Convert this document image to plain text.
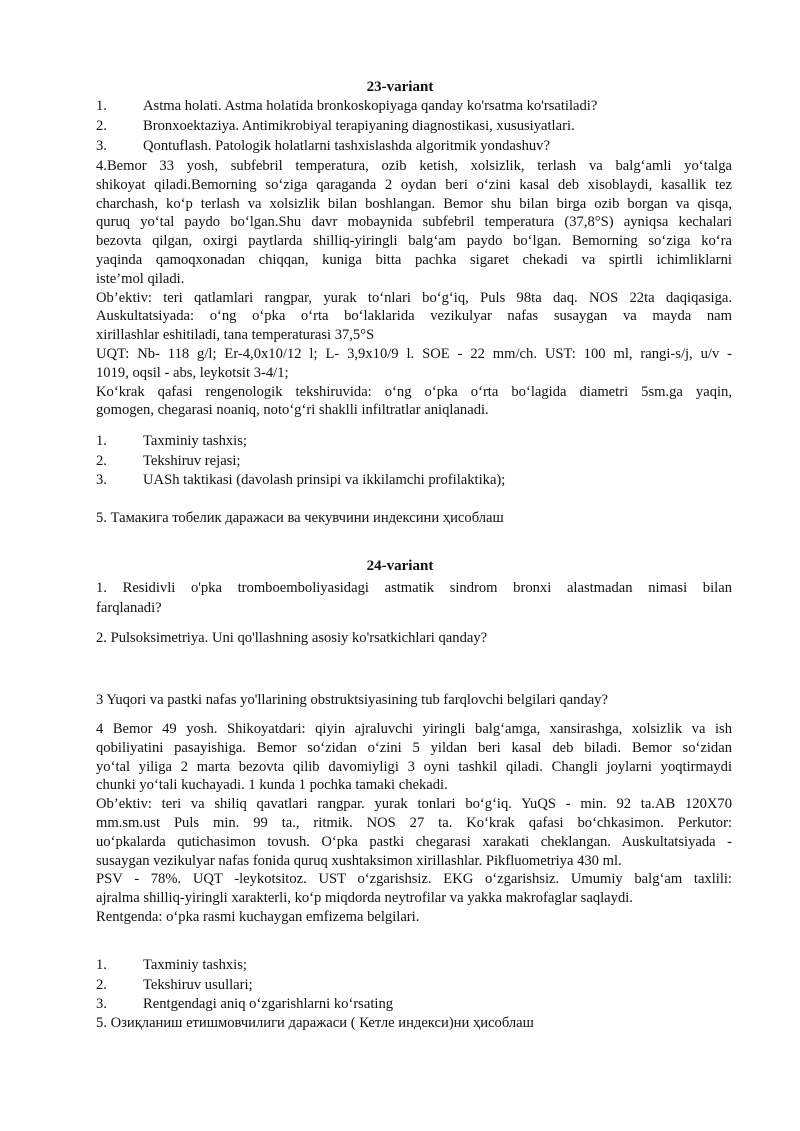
23-variant
1. Astma holati. Astma holatida bronkoskopiyaga qanday ko'rsatma ko'rsatiladi?
2. Bronxoektaziya. Antimikrobiyal terapiyaning diagnostikasi, xususiyatlari.
3. Qontuflash. Patologik holatlarni tashxislashda algoritmik yondashuv?
4.Bemor 33 yosh, subfebril temperatura, ozib ketish, xolsizlik, terlash va balg‘amli yo‘talga
shikoyat qiladi.Bemorning so‘ziga qaraganda 2 oydan beri o‘zini kasal deb xisoblaydi, kasallik tez
charchash, ko‘p terlash va xolsizlik bilan boshlangan. Bemor shu bilan birga ozib borgan va qisqa,
quruq yo‘tal paydo bo‘lgan.Shu davr mobaynida subfebril temperatura (37,8°S) ayniqsa kechalari
bezovta qilgan, oxirgi paytlarda shilliq-yiringli balg‘am paydo bo‘lgan. Bemorning so‘ziga ko‘ra
yaqinda qamoqxonadan chiqqan, kuniga bitta pachka sigaret chekadi va spirtli ichimliklarni
iste’mol qiladi.
Ob’ektiv: teri qatlamlari rangpar, yurak to‘nlari bo‘g‘iq, Puls 98ta daq. NOS 22ta daqiqasiga.
Auskultatsiyada: o‘ng o‘pka o‘rta bo‘laklarida vezikulyar nafas susaygan va mayda nam
xirillashlar eshitiladi, tana temperaturasi 37,5°S
UQT: Nb- 118 g/l; Er-4,0x10/12 l; L- 3,9x10/9 l. SOE - 22 mm/ch. UST: 100 ml, rangi-s/j, u/v -
1019, oqsil - abs, leykotsit 3-4/1;
Ko‘krak qafasi rengenologik tekshiruvida: o‘ng o‘pka o‘rta bo‘lagida diametri 5sm.ga yaqin,
gomogen, chegarasi noaniq, noto‘g‘ri shaklli infiltratlar aniqlanadi.
1. Taxminiy tashxis;
2. Tekshiruv rejasi;
3. UASh taktikasi (davolash prinsipi va ikkilamchi profilaktika);
5. Тамакига тобелик даражаси ва чекувчини индексини ҳисоблаш
24-variant
1. Residivli o'pka tromboemboliyasidagi astmatik sindrom bronxi alastmadan nimasi bilan
farqlanadi?
2. Pulsoksimetriya. Uni qo'llashning asosiy ko'rsatkichlari qanday?
3 Yuqori va pastki nafas yo'llarining obstruktsiyasining tub farqlovchi belgilari qanday?
4 Bemor 49 yosh. Shikoyatdari: qiyin ajraluvchi yiringli balg‘amga, xansirashga, xolsizlik va ish
qobiliyatini pasayishiga. Bemor so‘zidan o‘zini 5 yildan beri kasal deb biladi. Bemor so‘zidan
yo‘tal yiliga 2 marta bezovta qilib davomiyligi 3 oyni tashkil qiladi. Changli joylarni yoqtirmaydi
chunki yo‘tali kuchayadi. 1 kunda 1 pochka tamaki chekadi.
Ob’ektiv: teri va shiliq qavatlari rangpar. yurak tonlari bo‘g‘iq. YuQS - min. 92 ta.AB 120X70
mm.sm.ust Puls min. 99 ta., ritmik. NOS 27 ta. Ko‘krak qafasi bo‘chkasimon. Perkutor:
uo‘pkalarda qutichasimon tovush. O‘pka pastki chegarasi xarakati cheklangan. Auskultatsiyada -
susaygan vezikulyar nafas fonida quruq xushtaksimon xirillashlar. Pikfluometriya 430 ml.
PSV - 78%. UQT -leykotsitoz. UST o‘zgarishsiz. EKG o‘zgarishsiz. Umumiy balg‘am taxlili:
ajralma shilliq-yiringli xarakterli, ko‘p miqdorda neytrofilar va yakka makrofaglar saqlaydi.
Rentgenda: o‘pka rasmi kuchaygan emfizema belgilari.
1. Taxminiy tashxis;
2. Tekshiruv usullari;
3. Rentgendagi aniq o‘zgarishlarni ko‘rsating
5. Озиқланиш етишмовчилиги даражаси ( Кетле индекси)ни ҳисоблаш
